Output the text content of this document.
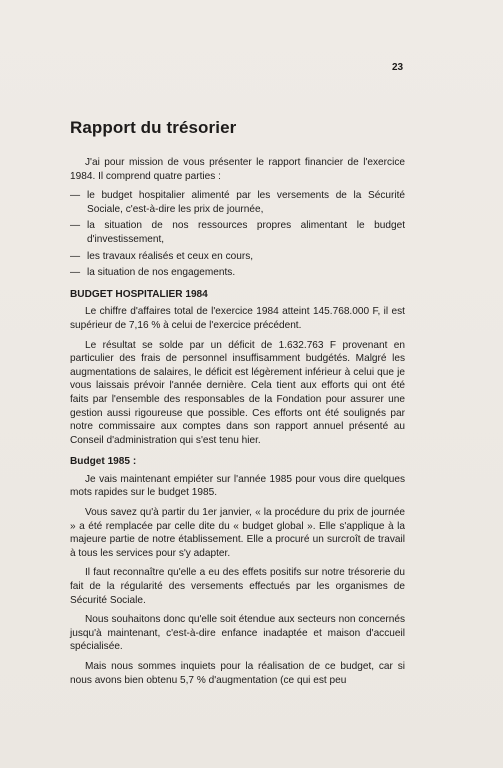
23
Rapport du trésorier

J'ai pour mission de vous présenter le rapport financier de l'exercice 1984. Il comprend quatre parties :

— le budget hospitalier alimenté par les versements de la Sécurité Sociale, c'est-à-dire les prix de journée,
— la situation de nos ressources propres alimentant le budget d'investissement,
— les travaux réalisés et ceux en cours,
— la situation de nos engagements.
BUDGET HOSPITALIER 1984

Le chiffre d'affaires total de l'exercice 1984 atteint 145.768.000 F, il est supérieur de 7,16 % à celui de l'exercice précédent.

Le résultat se solde par un déficit de 1.632.763 F provenant en particulier des frais de personnel insuffisamment budgétés. Malgré les augmentations de salaires, le déficit est légèrement inférieur à celui que je vous laissais prévoir l'année dernière. Cela tient aux efforts qui ont été faits par l'ensemble des responsables de la Fondation pour assurer une gestion aussi rigoureuse que possible. Ces efforts ont été soulignés par notre commissaire aux comptes dans son rapport annuel présenté au Conseil d'administration qui s'est tenu hier.

Budget 1985 :

Je vais maintenant empiéter sur l'année 1985 pour vous dire quelques mots rapides sur le budget 1985.

Vous savez qu'à partir du 1er janvier, « la procédure du prix de journée » a été remplacée par celle dite du « budget global ». Elle s'applique à la majeure partie de notre établissement. Elle a procuré un surcroît de travail à tous les services pour s'y adapter.

Il faut reconnaître qu'elle a eu des effets positifs sur notre trésorerie du fait de la régularité des versements effectués par les organismes de Sécurité Sociale.

Nous souhaitons donc qu'elle soit étendue aux secteurs non concernés jusqu'à maintenant, c'est-à-dire enfance inadaptée et maison d'accueil spécialisée.

Mais nous sommes inquiets pour la réalisation de ce budget, car si nous avons bien obtenu 5,7 % d'augmentation (ce qui est peu
